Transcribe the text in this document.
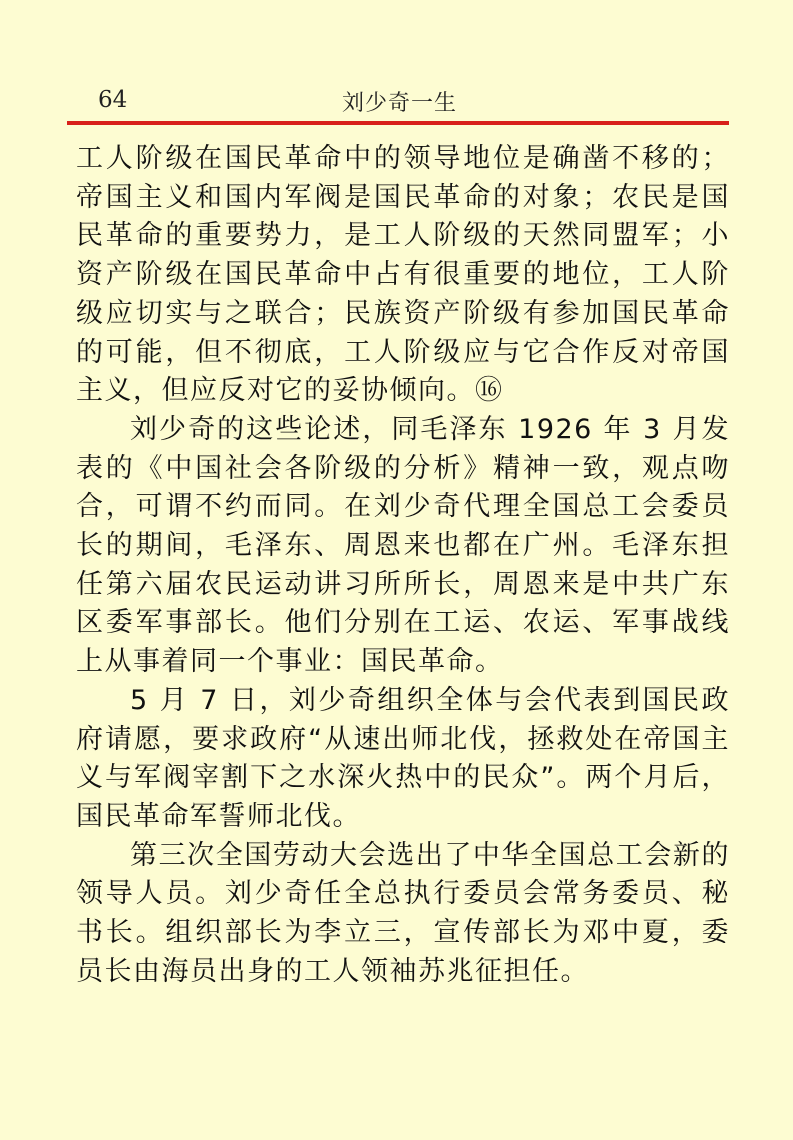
64	刘少奇一生

工人阶级在国民革命中的领导地位是确凿不移的；帝国主义和国内军阀是国民革命的对象；农民是国民革命的重要势力，是工人阶级的天然同盟军；小资产阶级在国民革命中占有很重要的地位，工人阶级应切实与之联合；民族资产阶级有参加国民革命的可能，但不彻底，工人阶级应与它合作反对帝国主义，但应反对它的妥协倾向。⑯

刘少奇的这些论述，同毛泽东 1926 年 3 月发表的《中国社会各阶级的分析》精神一致，观点吻合，可谓不约而同。在刘少奇代理全国总工会委员长的期间，毛泽东、周恩来也都在广州。毛泽东担任第六届农民运动讲习所所长，周恩来是中共广东区委军事部长。他们分别在工运、农运、军事战线上从事着同一个事业：国民革命。

5 月 7 日，刘少奇组织全体与会代表到国民政府请愿，要求政府“从速出师北伐，拯救处在帝国主义与军阀宰割下之水深火热中的民众”。两个月后，国民革命军誓师北伐。

第三次全国劳动大会选出了中华全国总工会新的领导人员。刘少奇任全总执行委员会常务委员、秘书长。组织部长为李立三，宣传部长为邓中夏，委员长由海员出身的工人领袖苏兆征担任。
